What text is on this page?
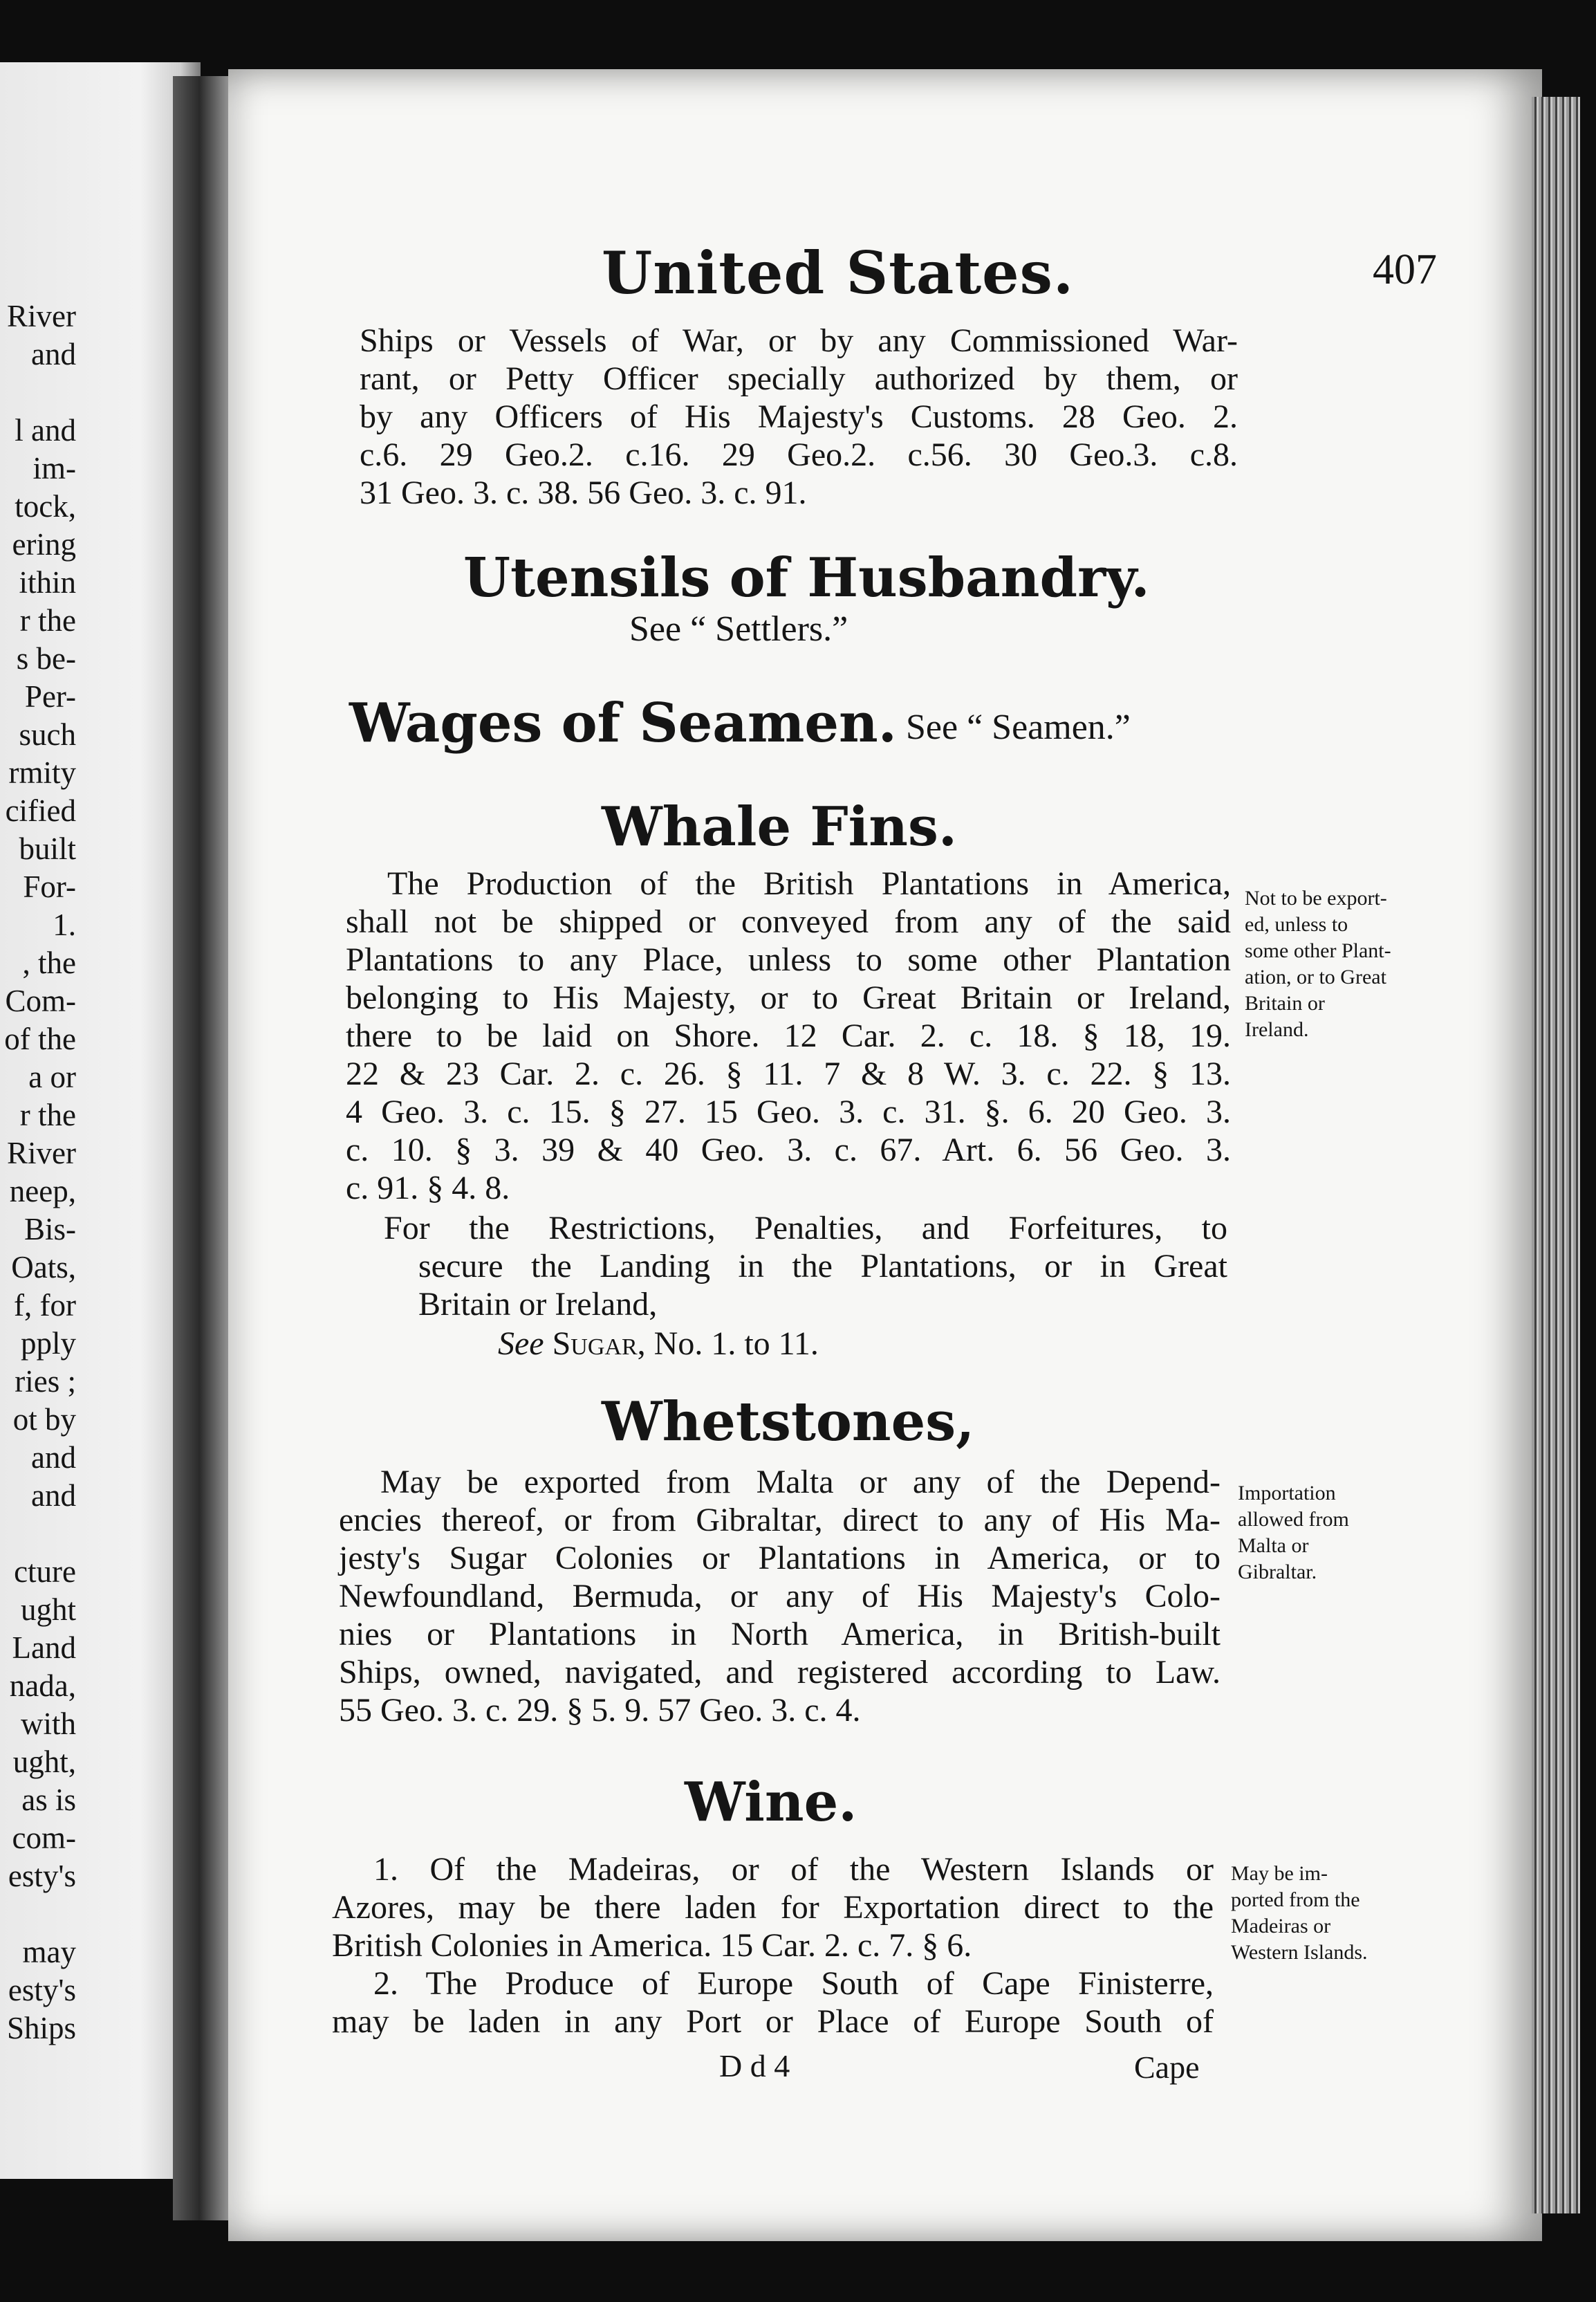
River
and
l and
im-
tock,
ering
ithin
r the
s be-
Per-
such
rmity
cified
built
For-
1.
, the
Com-
of the
a or
r the
River
neep,
Bis-
Oats,
f, for
pply
ries ;
ot by
and
and
cture
ught
Land
nada,
with
ught,
as is
com-
esty's
may
esty's
Ships
United States.	407
Ships or Vessels of War, or by any Commissioned War-
rant, or Petty Officer specially authorized by them, or
by any Officers of His Majesty's Customs. 28 Geo. 2.
c.6. 29 Geo.2. c.16. 29 Geo.2. c.56. 30 Geo.3. c.8.
31 Geo. 3. c. 38. 56 Geo. 3. c. 91.
Utensils of Husbandry.
See “ Settlers.”
Wages of Seamen. See “ Seamen.”
Whale Fins.
The Production of the British Plantations in America,
shall not be shipped or conveyed from any of the said
Plantations to any Place, unless to some other Plantation
belonging to His Majesty, or to Great Britain or Ireland,
there to be laid on Shore. 12 Car. 2. c. 18. § 18, 19.
22 & 23 Car. 2. c. 26. § 11. 7 & 8 W. 3. c. 22. § 13.
4 Geo. 3. c. 15. § 27. 15 Geo. 3. c. 31. §. 6. 20 Geo. 3.
c. 10. § 3. 39 & 40 Geo. 3. c. 67. Art. 6. 56 Geo. 3.
c. 91. § 4. 8.
For the Restrictions, Penalties, and Forfeitures, to
secure the Landing in the Plantations, or in Great
Britain or Ireland,
See Sugar, No. 1. to 11.
Not to be export-
ed, unless to
some other Plant-
ation, or to Great
Britain or
Ireland.
Whetstones,
May be exported from Malta or any of the Depend-
encies thereof, or from Gibraltar, direct to any of His Ma-
jesty's Sugar Colonies or Plantations in America, or to
Newfoundland, Bermuda, or any of His Majesty's Colo-
nies or Plantations in North America, in British-built
Ships, owned, navigated, and registered according to Law.
55 Geo. 3. c. 29. § 5. 9. 57 Geo. 3. c. 4.
Importation
allowed from
Malta or
Gibraltar.
Wine.
1. Of the Madeiras, or of the Western Islands or
Azores, may be there laden for Exportation direct to the
British Colonies in America. 15 Car. 2. c. 7. § 6.
2. The Produce of Europe South of Cape Finisterre,
may be laden in any Port or Place of Europe South of
May be im-
ported from the
Madeiras or
Western Islands.
D d 4	Cape
